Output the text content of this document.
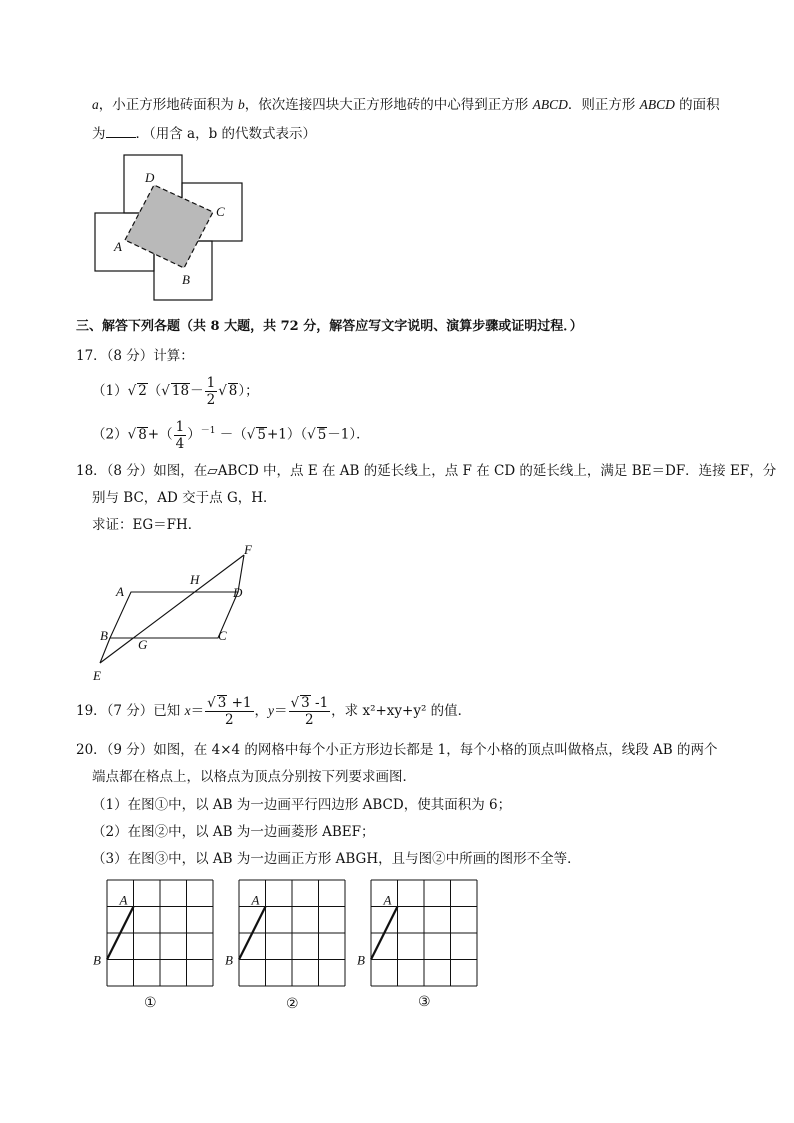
a，小正方形地砖面积为 b，依次连接四块大正方形地砖的中心得到正方形 ABCD．则正方形 ABCD 的面积
为 ．（用含 a，b 的代数式表示）
D
C
A
B
三、解答下列各题（共 8 大题，共 72 分，解答应写文字说明、演算步骤或证明过程．）
17．（8 分）计算：
（1）√ 2（√ $18- \frac{1}{2}$ √ 8）；
（2）√ $8+( \frac{1}{4} )^{-1}$ －（√ 5+1）（√ 5－1）．
18．（8 分）如图，在▱ABCD 中，点 E 在 AB 的延长线上，点 F 在 CD 的延长线上，满足 BE＝DF．连接 EF，分
别与 BC，AD 交于点 G，H．
求证：EG＝FH．
A
H
D
F
B
G
C
E
19．（7 分）已知 $x= \frac{√ 3 +1}{2}$ ，$y= \frac{√ 3 -1}{2}$ ，求 x²+xy+y² 的值．
20．（9 分）如图，在 4×4 的网格中每个小正方形边长都是 1，每个小格的顶点叫做格点，线段 AB 的两个
端点都在格点上，以格点为顶点分别按下列要求画图．
（1）在图①中，以 AB 为一边画平行四边形 ABCD，使其面积为 6；
（2）在图②中，以 AB 为一边画菱形 ABEF；
（3）在图③中，以 AB 为一边画正方形 ABGH，且与图②中所画的图形不全等．
A
B
A
B
A
B
①	②	③
